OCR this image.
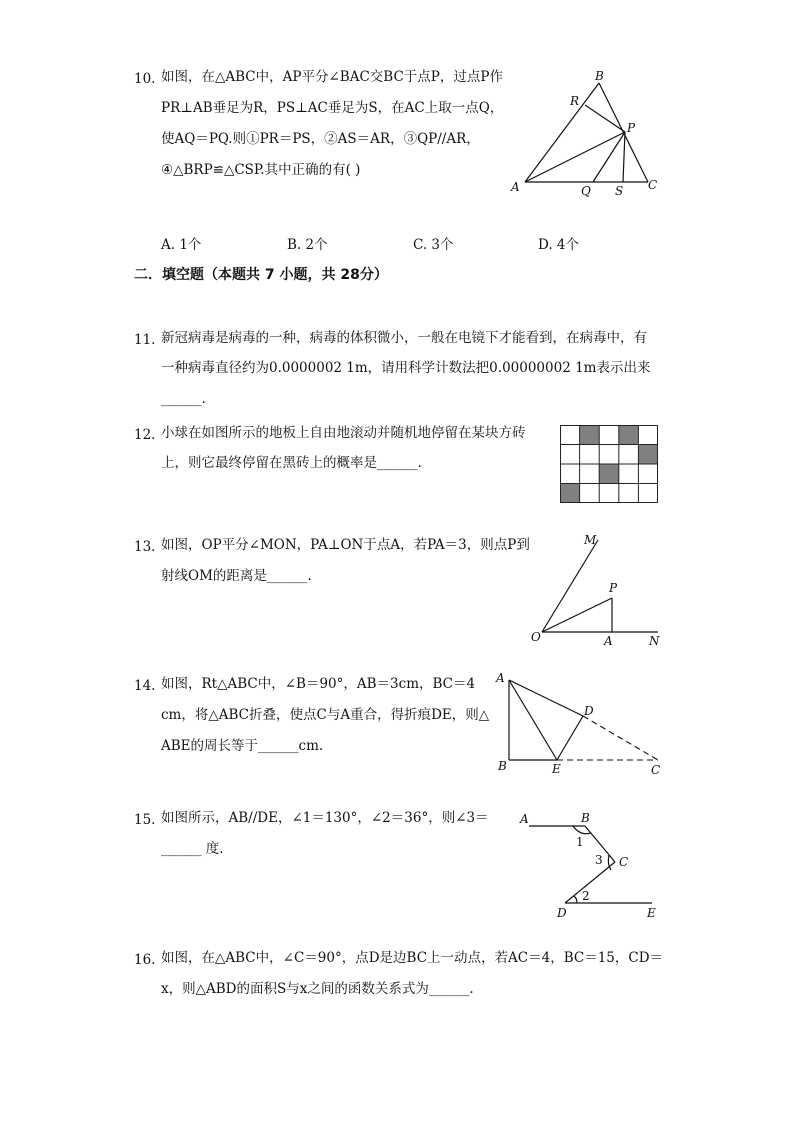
10. 如图，在△ABC中，AP平分∠BAC交BC于点P，过点P作
PR⊥AB垂足为R，PS⊥AC垂足为S，在AC上取一点Q，
使AQ＝PQ.则①PR＝PS，②AS＝AR，③QP//AR，
④△BRP≌△CSP.其中正确的有( )
B
R
P
A	Q S C
A. 1个	B. 2个	C. 3个	D. 4个
二．填空题（本题共 7 小题，共 28分）
11. 新冠病毒是病毒的一种，病毒的体积微小，一般在电镜下才能看到，在病毒中，有
一种病毒直径约为0.0000002 1m，请用科学计数法把0.00000002 1m表示出来
______.
12. 小球在如图所示的地板上自由地滚动并随机地停留在某块方砖
上，则它最终停留在黑砖上的概率是______.
13. 如图，OP平分∠MON，PA⊥ON于点A，若PA＝3，则点P到
射线OM的距离是______.
M
P
O	A	N
14. 如图，Rt△ABC中，∠B＝90°，AB＝3cm，BC＝4
cm，将△ABC折叠，使点C与A重合，得折痕DE，则△
ABE的周长等于______cm.
A
D
B	E	C
15. 如图所示，AB//DE，∠1＝130°，∠2＝36°，则∠3＝
______ 度.
A	B
C
D	E
1
3
2
16. 如图，在△ABC中，∠C＝90°，点D是边BC上一动点，若AC＝4，BC＝15，CD＝
x，则△ABD的面积S与x之间的函数关系式为______.
